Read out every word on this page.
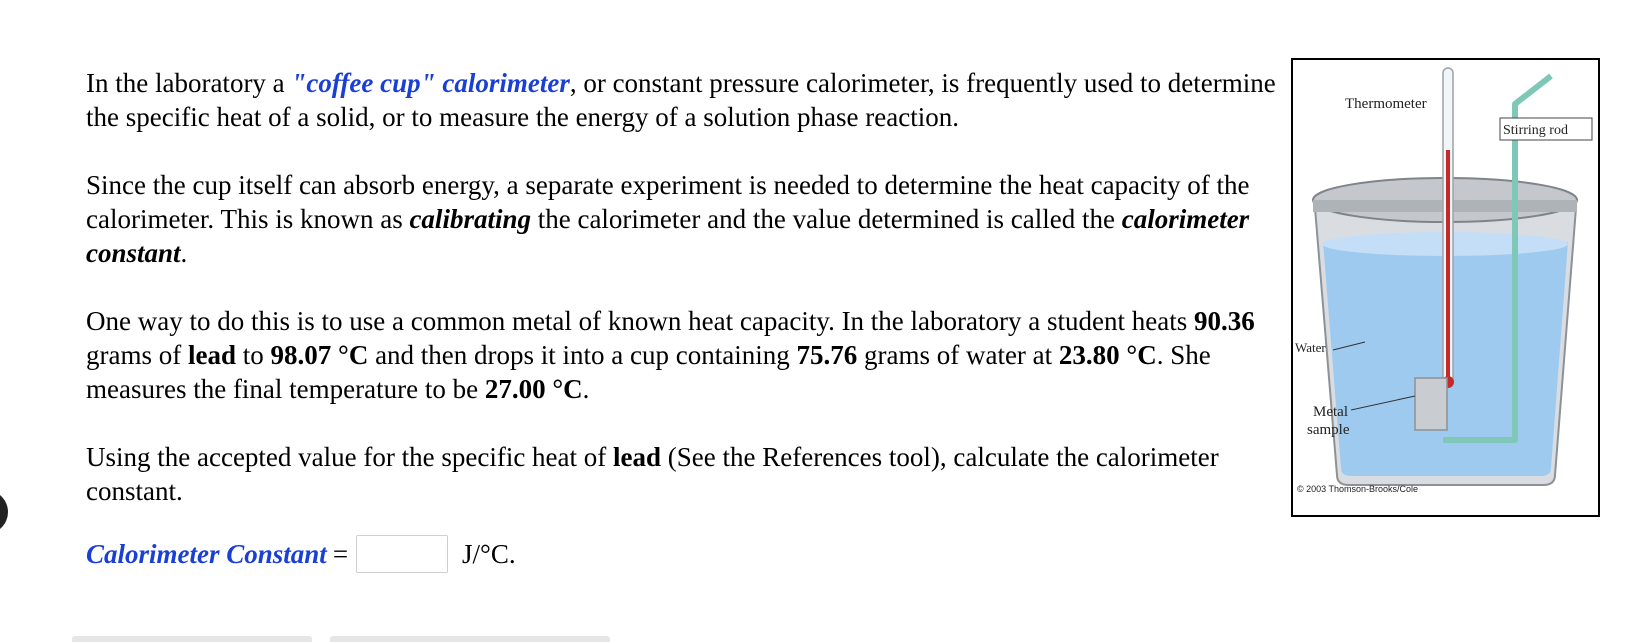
In the laboratory a "coffee cup" calorimeter, or constant pressure calorimeter, is frequently used to determine the specific heat of a solid, or to measure the energy of a solution phase reaction.

Since the cup itself can absorb energy, a separate experiment is needed to determine the heat capacity of the calorimeter. This is known as calibrating the calorimeter and the value determined is called the calorimeter constant.

One way to do this is to use a common metal of known heat capacity. In the laboratory a student heats 90.36 grams of lead to 98.07 °C and then drops it into a cup containing 75.76 grams of water at 23.80 °C. She measures the final temperature to be 27.00 °C.

Using the accepted value for the specific heat of lead (See the References tool), calculate the calorimeter constant.

Calorimeter Constant =	J/°C.
Thermometer
Stirring rod
Water
Metal
sample
© 2003 Thomson-Brooks/Cole
